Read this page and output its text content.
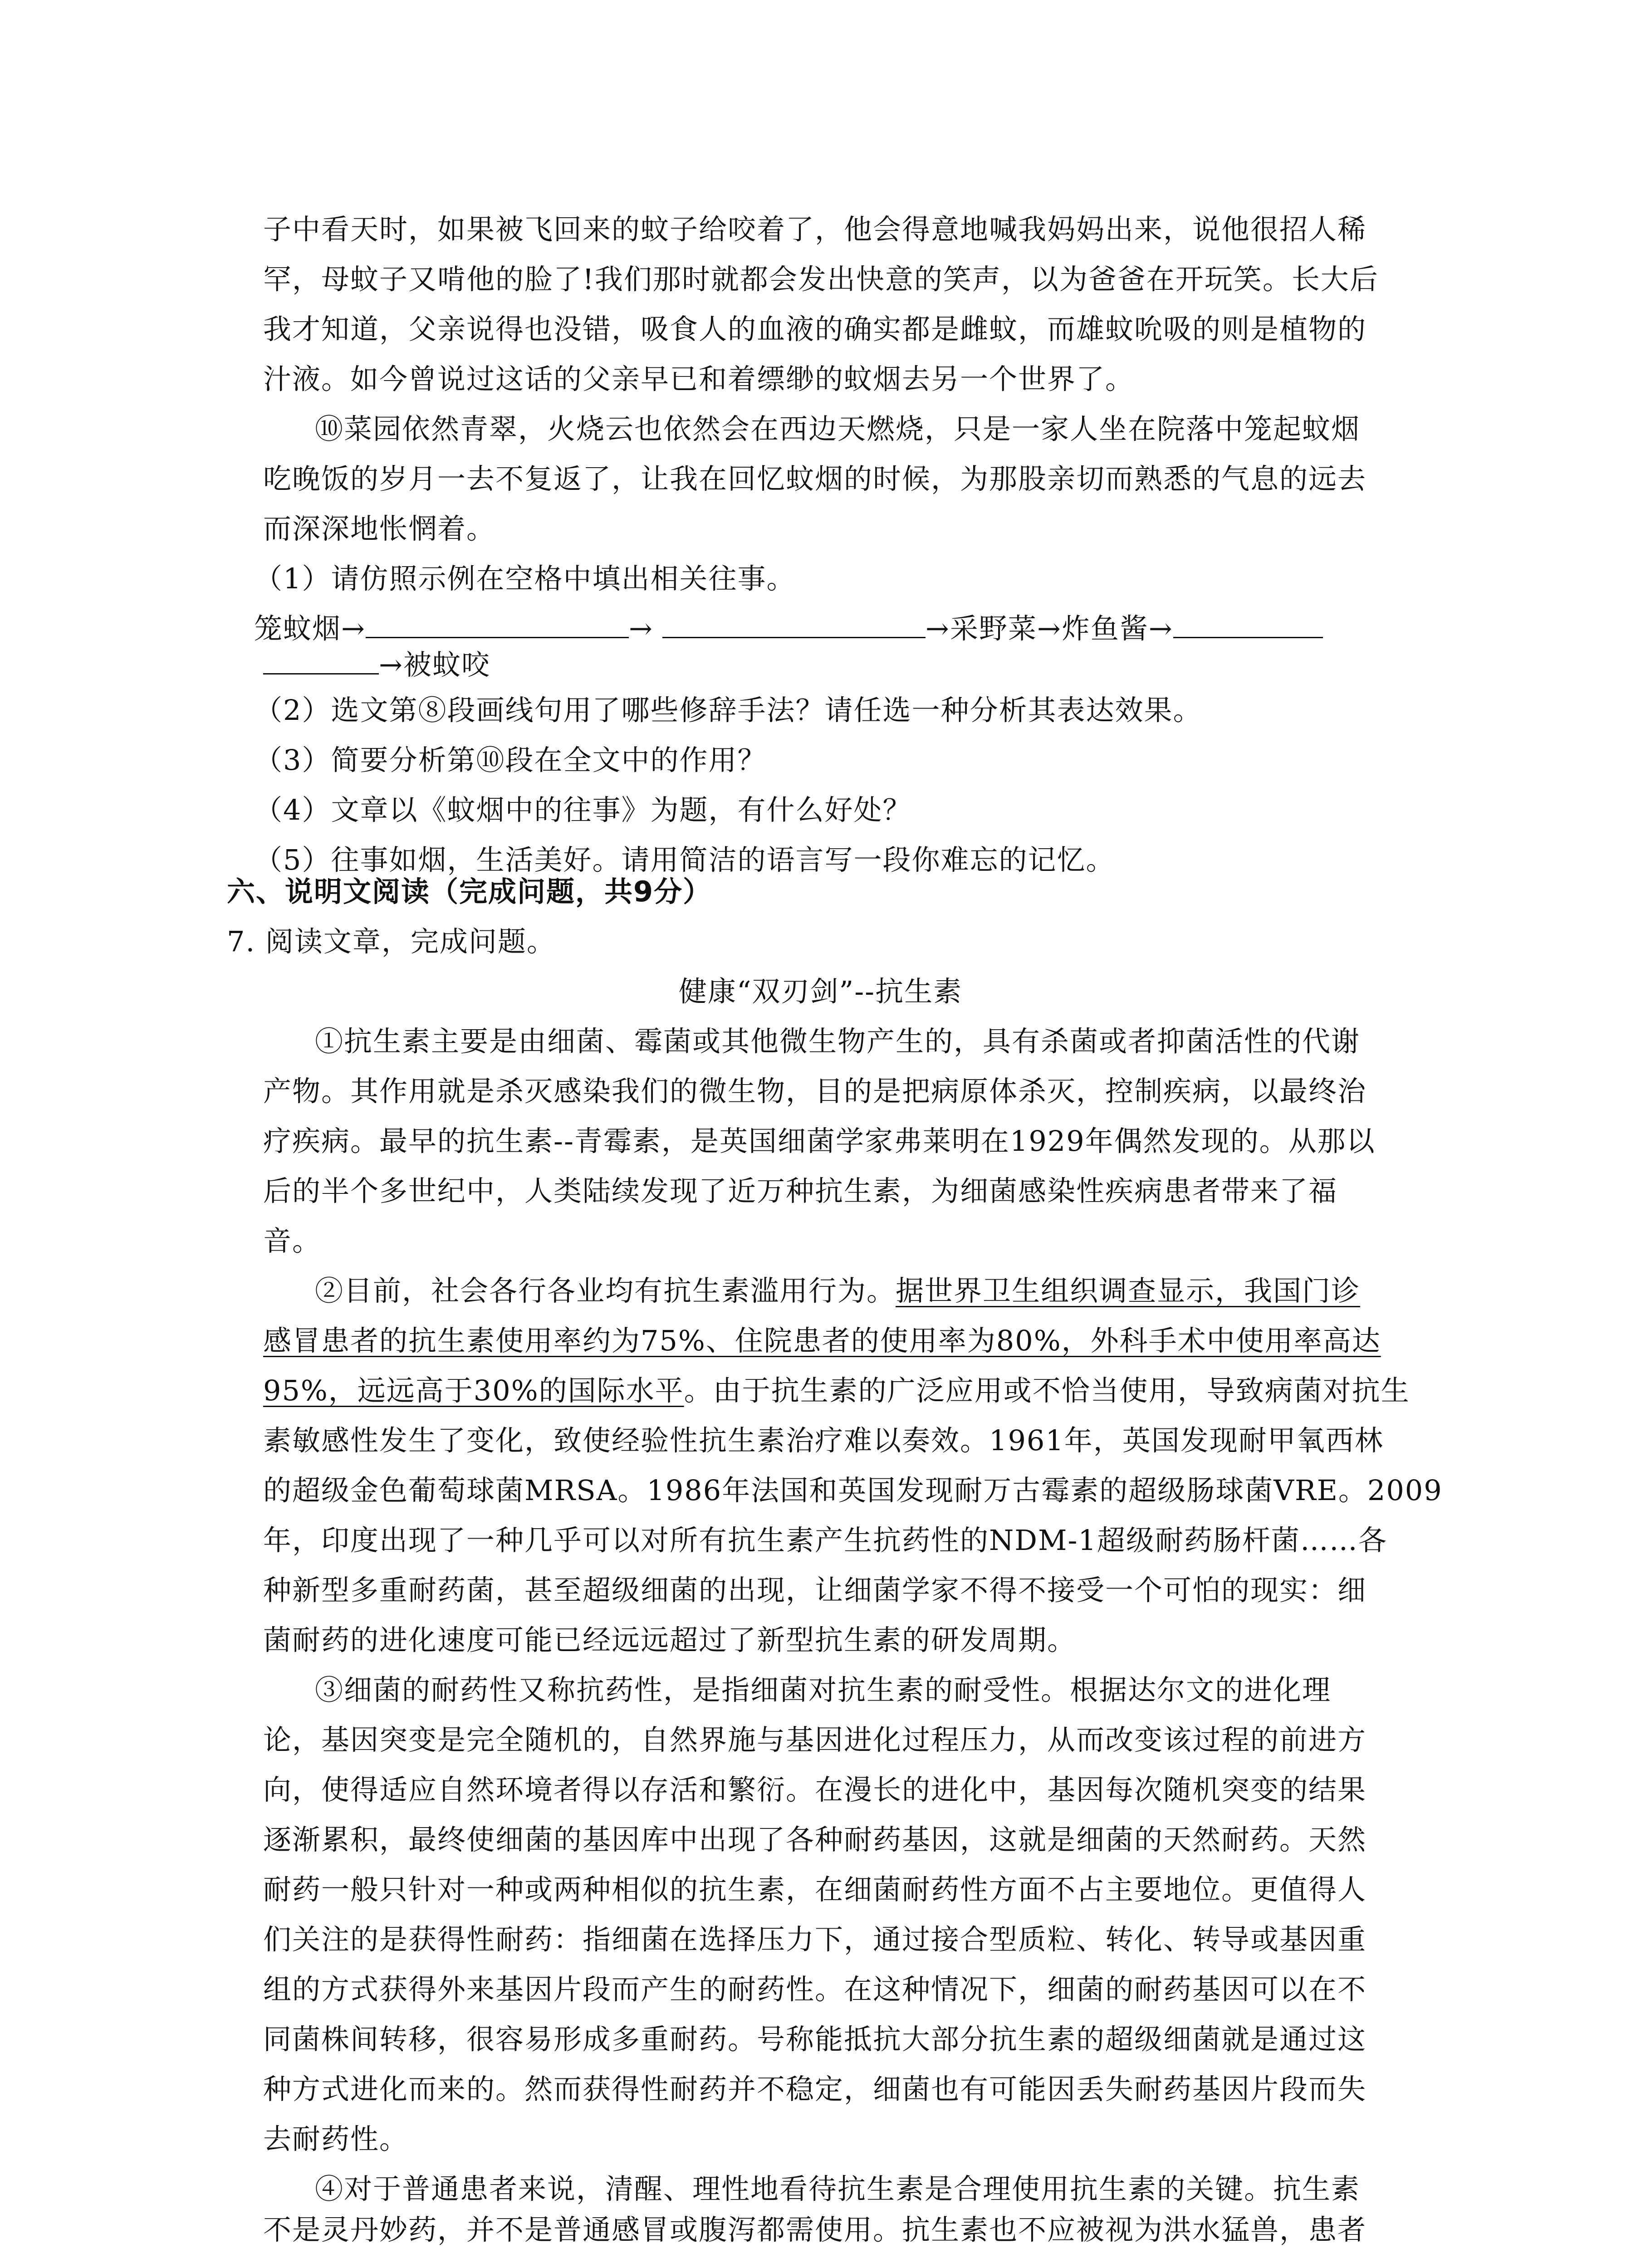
子中看天时，如果被飞回来的蚊子给咬着了，他会得意地喊我妈妈出来，说他很招人稀
罕，母蚊子又啃他的脸了!我们那时就都会发出快意的笑声，以为爸爸在开玩笑。长大后
我才知道，父亲说得也没错，吸食人的血液的确实都是雌蚊，而雄蚊吮吸的则是植物的
汁液。如今曾说过这话的父亲早已和着缥缈的蚊烟去另一个世界了。
⑩菜园依然青翠，火烧云也依然会在西边天燃烧，只是一家人坐在院落中笼起蚊烟
吃晚饭的岁月一去不复返了，让我在回忆蚊烟的时候，为那股亲切而熟悉的气息的远去
而深深地怅惘着。
（1）请仿照示例在空格中填出相关往事。
笼蚊烟→	→	→采野菜→炸鱼酱→
→被蚊咬
（2）选文第⑧段画线句用了哪些修辞手法？请任选一种分析其表达效果。
（3）简要分析第⑩段在全文中的作用？
（4）文章以《蚊烟中的往事》为题，有什么好处？
（5）往事如烟，生活美好。请用简洁的语言写一段你难忘的记忆。
六、说明文阅读（完成问题，共9分）
7. 阅读文章，完成问题。
健康“双刃剑”--抗生素
①抗生素主要是由细菌、霉菌或其他微生物产生的，具有杀菌或者抑菌活性的代谢
产物。其作用就是杀灭感染我们的微生物，目的是把病原体杀灭，控制疾病，以最终治
疗疾病。最早的抗生素--青霉素，是英国细菌学家弗莱明在1929年偶然发现的。从那以
后的半个多世纪中，人类陆续发现了近万种抗生素，为细菌感染性疾病患者带来了福
音。
②目前，社会各行各业均有抗生素滥用行为。据世界卫生组织调查显示，我国门诊
感冒患者的抗生素使用率约为75%、住院患者的使用率为80%，外科手术中使用率高达
95%，远远高于30%的国际水平。由于抗生素的广泛应用或不恰当使用，导致病菌对抗生
素敏感性发生了变化，致使经验性抗生素治疗难以奏效。1961年，英国发现耐甲氧西林
的超级金色葡萄球菌MRSA。1986年法国和英国发现耐万古霉素的超级肠球菌VRE。2009
年，印度出现了一种几乎可以对所有抗生素产生抗药性的NDM-1超级耐药肠杆菌……各
种新型多重耐药菌，甚至超级细菌的出现，让细菌学家不得不接受一个可怕的现实：细
菌耐药的进化速度可能已经远远超过了新型抗生素的研发周期。
③细菌的耐药性又称抗药性，是指细菌对抗生素的耐受性。根据达尔文的进化理
论，基因突变是完全随机的，自然界施与基因进化过程压力，从而改变该过程的前进方
向，使得适应自然环境者得以存活和繁衍。在漫长的进化中，基因每次随机突变的结果
逐渐累积，最终使细菌的基因库中出现了各种耐药基因，这就是细菌的天然耐药。天然
耐药一般只针对一种或两种相似的抗生素，在细菌耐药性方面不占主要地位。更值得人
们关注的是获得性耐药：指细菌在选择压力下，通过接合型质粒、转化、转导或基因重
组的方式获得外来基因片段而产生的耐药性。在这种情况下，细菌的耐药基因可以在不
同菌株间转移，很容易形成多重耐药。号称能抵抗大部分抗生素的超级细菌就是通过这
种方式进化而来的。然而获得性耐药并不稳定，细菌也有可能因丢失耐药基因片段而失
去耐药性。
④对于普通患者来说，清醒、理性地看待抗生素是合理使用抗生素的关键。抗生素
不是灵丹妙药，并不是普通感冒或腹泻都需使用。抗生素也不应被视为洪水猛兽，患者
